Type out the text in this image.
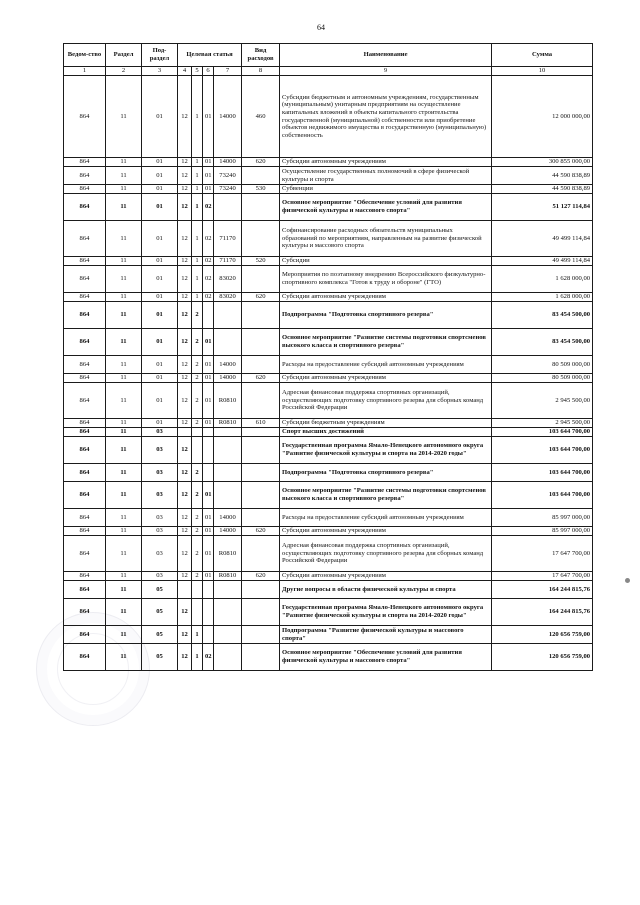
64
Ведом-ство	Раздел	Под-раздел	Целевая статья				Вид расходов	Наименование	Сумма
1	2	3	4	5	6	7	8	9	10
864	11	01	12	1	01	14000	460	Субсидии бюджетным и автономным учреждениям, государственным (муниципальным) унитарным предприятиям на осуществление капитальных вложений в объекты капитального строительства государственной (муниципальной) собственности или приобретение объектов недвижимого имущества в государственную (муниципальную) собственность	12 000 000,00
864	11	01	12	1	01	14000	620	Субсидии автономным учреждениям	300 855 000,00
864	11	01	12	1	01	73240		Осуществление государственных полномочий в сфере физической культуры и спорта	44 590 838,89
864	11	01	12	1	01	73240	530	Субвенции	44 590 838,89
864	11	01	12	1	02			Основное мероприятие "Обеспечение условий для развития физической культуры и массового спорта"	51 127 114,84
864	11	01	12	1	02	71170		Софинансирование расходных обязательств муниципальных образований по мероприятиям, направленным на развитие физической культуры и массового спорта	49 499 114,84
864	11	01	12	1	02	71170	520	Субсидии	49 499 114,84
864	11	01	12	1	02	83020		Мероприятия по поэтапному внедрению Всероссийского физкультурно-спортивного комплекса "Готов к труду и обороне" (ГТО)	1 628 000,00
864	11	01	12	1	02	83020	620	Субсидии автономным учреждениям	1 628 000,00
864	11	01	12	2				Подпрограмма "Подготовка спортивного резерва"	83 454 500,00
864	11	01	12	2	01			Основное мероприятие "Развитие системы подготовки спортсменов высокого класса и спортивного резерва"	83 454 500,00
864	11	01	12	2	01	14000		Расходы на предоставление субсидий автономным учреждениям	80 509 000,00
864	11	01	12	2	01	14000	620	Субсидии автономным учреждениям	80 509 000,00
864	11	01	12	2	01	R0810		Адресная финансовая поддержка спортивных организаций, осуществляющих подготовку спортивного резерва для сборных команд Российской Федерации	2 945 500,00
864	11	01	12	2	01	R0810	610	Субсидии бюджетным учреждениям	2 945 500,00
864	11	03						Спорт высших достижений	103 644 700,00
864	11	03	12					Государственная программа Ямало-Ненецкого автономного округа "Развитие физической культуры и спорта на 2014-2020 годы"	103 644 700,00
864	11	03	12	2				Подпрограмма "Подготовка спортивного резерва"	103 644 700,00
864	11	03	12	2	01			Основное мероприятие "Развитие системы подготовки спортсменов высокого класса и спортивного резерва"	103 644 700,00
864	11	03	12	2	01	14000		Расходы на предоставление субсидий автономным учреждениям	85 997 000,00
864	11	03	12	2	01	14000	620	Субсидии автономным учреждениям	85 997 000,00
864	11	03	12	2	01	R0810		Адресная финансовая поддержка спортивных организаций, осуществляющих подготовку спортивного резерва для сборных команд Российской Федерации	17 647 700,00
864	11	03	12	2	01	R0810	620	Субсидии автономным учреждениям	17 647 700,00
864	11	05						Другие вопросы в области физической культуры и спорта	164 244 815,76
864	11	05	12					Государственная программа Ямало-Ненецкого автономного округа "Развитие физической культуры и спорта на 2014-2020 годы"	164 244 815,76
864	11	05	12	1				Подпрограмма "Развитие физической культуры и массового спорта"	120 656 759,00
864	11	05	12	1	02			Основное мероприятие "Обеспечение условий для развития физической культуры и массового спорта"	120 656 759,00
